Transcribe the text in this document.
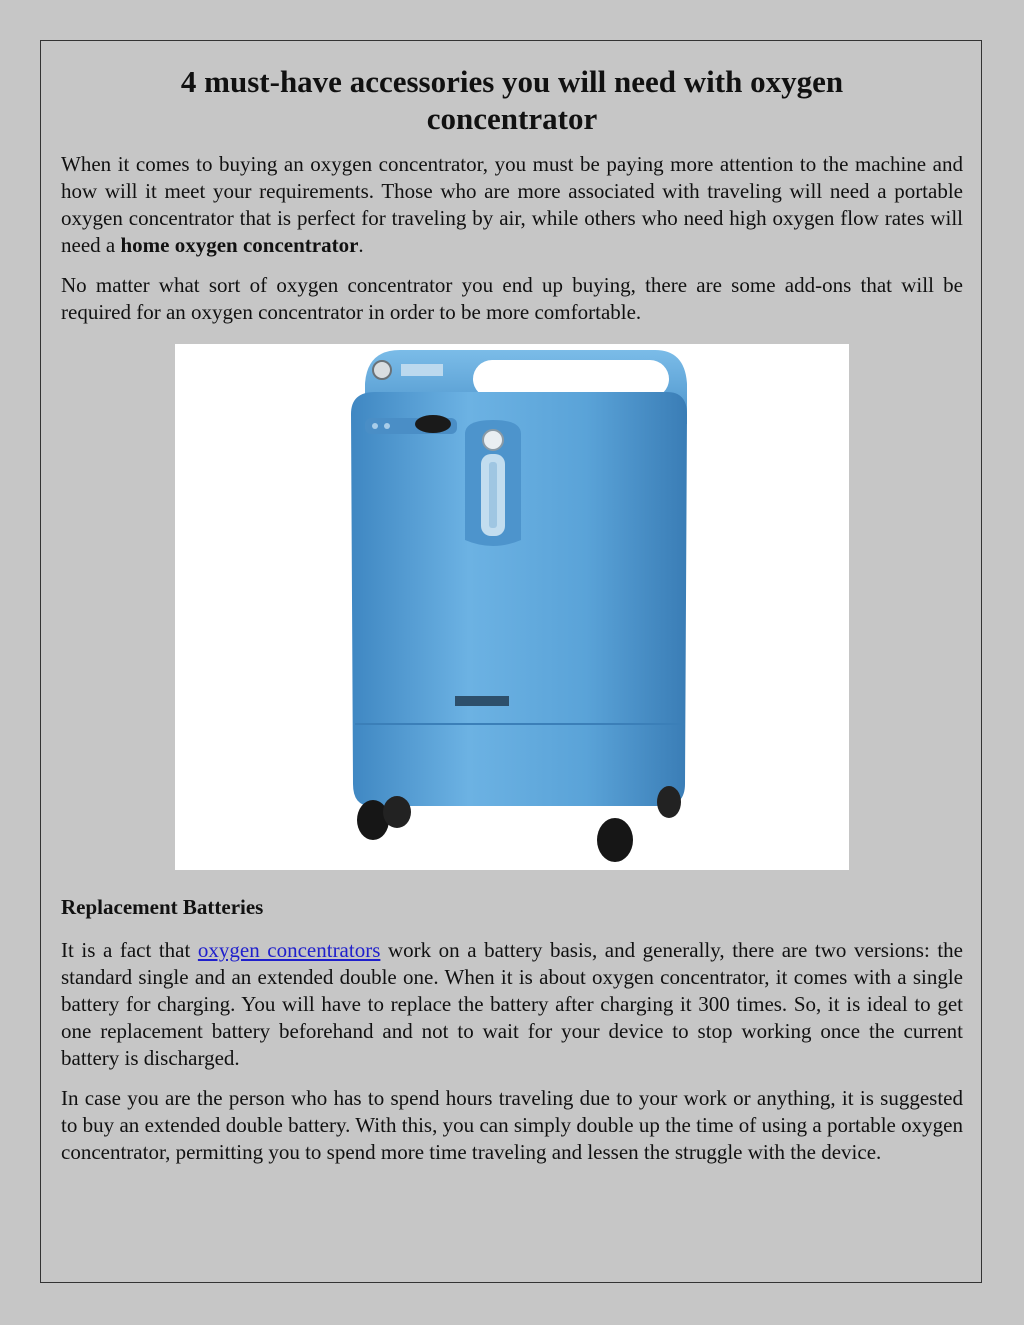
4 must-have accessories you will need with oxygen concentrator

When it comes to buying an oxygen concentrator, you must be paying more attention to the machine and how will it meet your requirements. Those who are more associated with traveling will need a portable oxygen concentrator that is perfect for traveling by air, while others who need high oxygen flow rates will need a home oxygen concentrator.

No matter what sort of oxygen concentrator you end up buying, there are some add-ons that will be required for an oxygen concentrator in order to be more comfortable.

Replacement Batteries

It is a fact that oxygen concentrators work on a battery basis, and generally, there are two versions: the standard single and an extended double one. When it is about oxygen concentrator, it comes with a single battery for charging. You will have to replace the battery after charging it 300 times. So, it is ideal to get one replacement battery beforehand and not to wait for your device to stop working once the current battery is discharged.

In case you are the person who has to spend hours traveling due to your work or anything, it is suggested to buy an extended double battery. With this, you can simply double up the time of using a portable oxygen concentrator, permitting you to spend more time traveling and lessen the struggle with the device.
